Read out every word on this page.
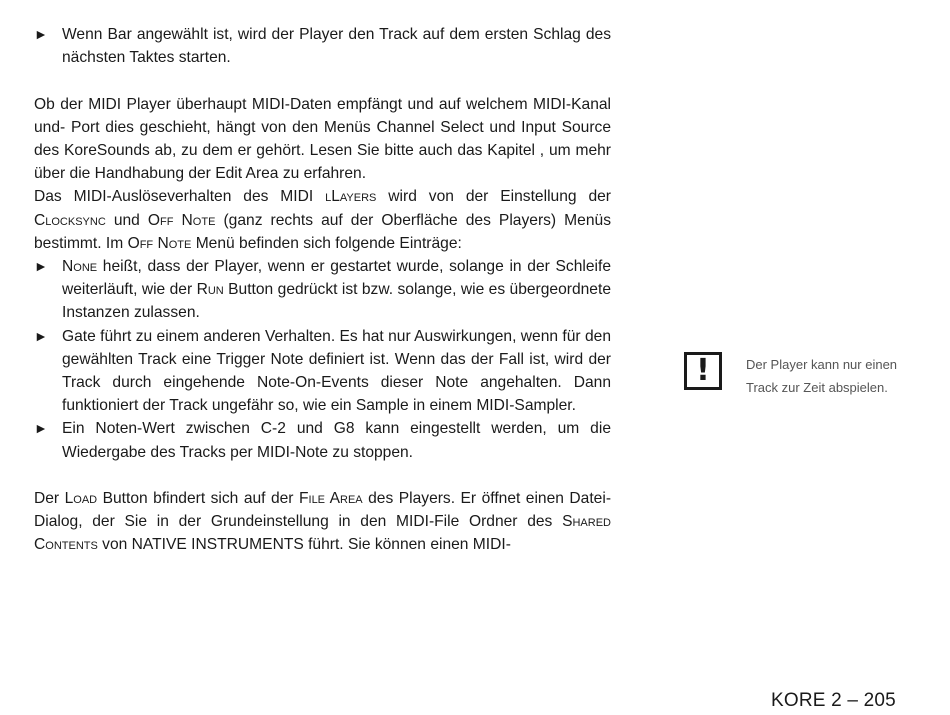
► Wenn Bar angewählt ist, wird der Player den Track auf dem ersten Schlag des nächsten Taktes starten.

Ob der MIDI Player überhaupt MIDI-Daten empfängt und auf welchem MIDI-Kanal und- Port dies geschieht, hängt von den Menüs Channel Select und Input Source des KoreSounds ab, zu dem er gehört. Lesen Sie bitte auch das Kapitel , um mehr über die Handhabung der Edit Area zu erfahren.

Das MIDI-Auslöseverhalten des MIDI lLayers wird von der Einstellung der Clocksync und Off Note (ganz rechts auf der Oberfläche des Players) Menüs bestimmt. Im Off Note Menü befinden sich folgende Einträge:

► None heißt, dass der Player, wenn er gestartet wurde, solange in der Schleife weiterläuft, wie der Run Button gedrückt ist bzw. solange, wie es übergeordnete Instanzen zulassen.
► Gate führt zu einem anderen Verhalten. Es hat nur Auswirkungen, wenn für den gewählten Track eine Trigger Note definiert ist. Wenn das der Fall ist, wird der Track durch eingehende Note-On-Events dieser Note angehalten. Dann funktioniert der Track ungefähr so, wie ein Sample in einem MIDI-Sampler.
► Ein Noten-Wert zwischen C-2 und G8 kann eingestellt werden, um die Wiedergabe des Tracks per MIDI-Note zu stoppen.

Der Load Button bfindert sich auf der File Area des Players. Er öffnet einen Datei-Dialog, der Sie in der Grundeinstellung in den MIDI-File Ordner des Shared Contents von NATIVE INSTRUMENTS führt. Sie können einen MIDI-

!	Der Player kann nur einen Track zur Zeit abspielen.
KORE 2 – 205
